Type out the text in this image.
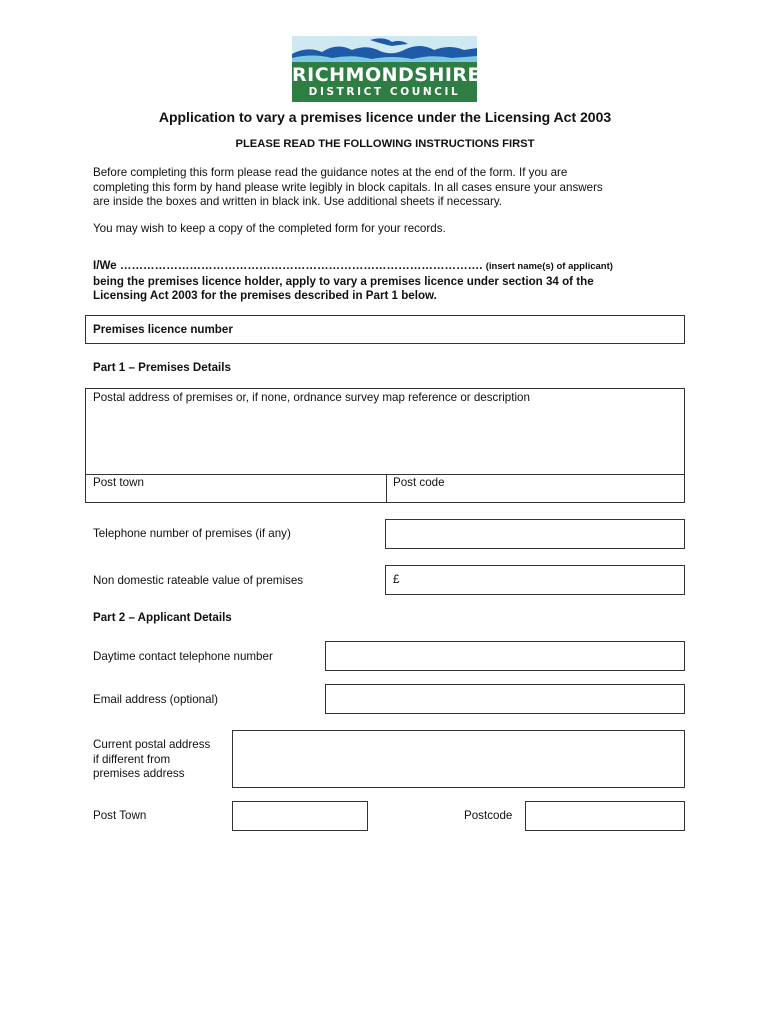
RICHMONDSHIRE
DISTRICT COUNCIL
Application to vary a premises licence under the Licensing Act 2003
PLEASE READ THE FOLLOWING INSTRUCTIONS FIRST
Before completing this form please read the guidance notes at the end of the form. If you are
completing this form by hand please write legibly in block capitals. In all cases ensure your answers
are inside the boxes and written in black ink. Use additional sheets if necessary.
You may wish to keep a copy of the completed form for your records.
I/We …………………………………………………………………………………. (insert name(s) of applicant)
being the premises licence holder, apply to vary a premises licence under section 34 of the
Licensing Act 2003 for the premises described in Part 1 below.
Premises licence number
Part 1 – Premises Details
Postal address of premises or, if none, ordnance survey map reference or description
Post town	Post code
Telephone number of premises (if any)
Non domestic rateable value of premises	£
Part 2 – Applicant Details
Daytime contact telephone number
Email address (optional)
Current postal address
if different from
premises address
Post Town	Postcode
